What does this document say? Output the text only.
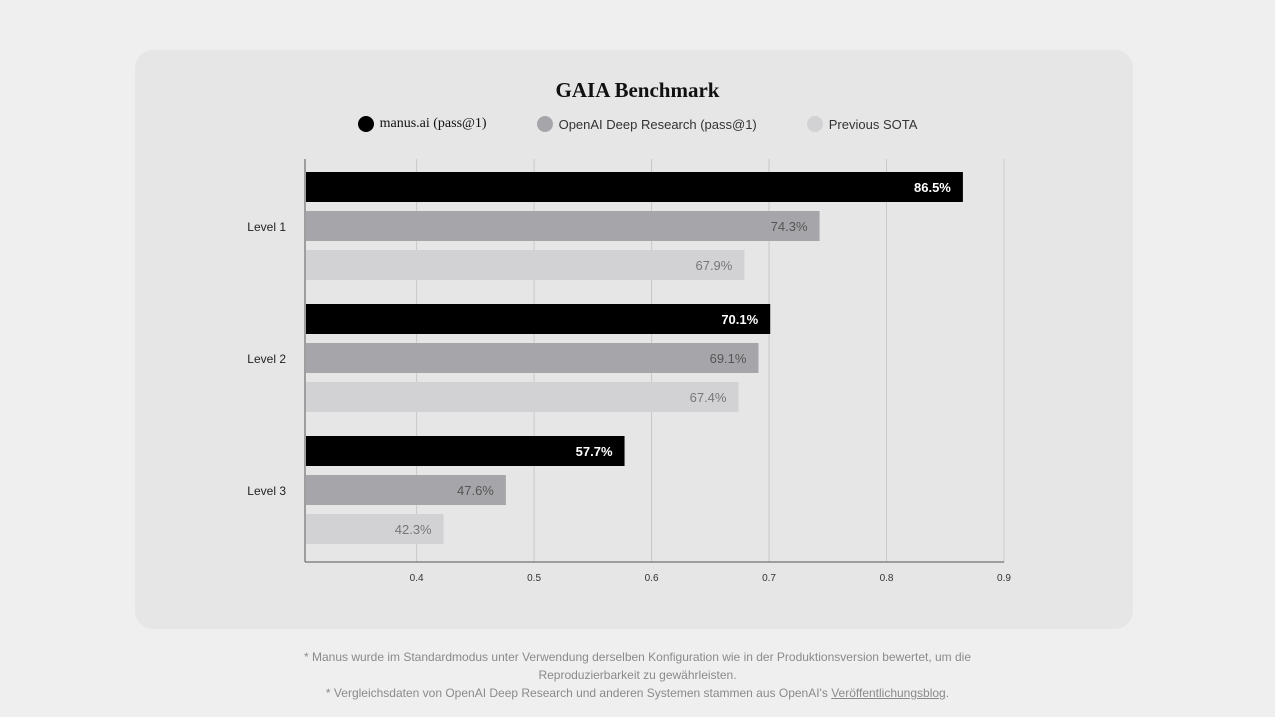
GAIA Benchmark
manus.ai (pass@1)	OpenAI Deep Research (pass@1)	Previous SOTA
0.4	0.5	0.6	0.7	0.8	0.9
Level 1
86.5%
74.3%
67.9%
Level 2
70.1%
69.1%
67.4%
Level 3
57.7%
47.6%
42.3%

* Manus wurde im Standardmodus unter Verwendung derselben Konfiguration wie in der Produktionsversion bewertet, um die

Reproduzierbarkeit zu gewährleisten.

* Vergleichsdaten von OpenAI Deep Research und anderen Systemen stammen aus OpenAI's Veröffentlichungsblog.
